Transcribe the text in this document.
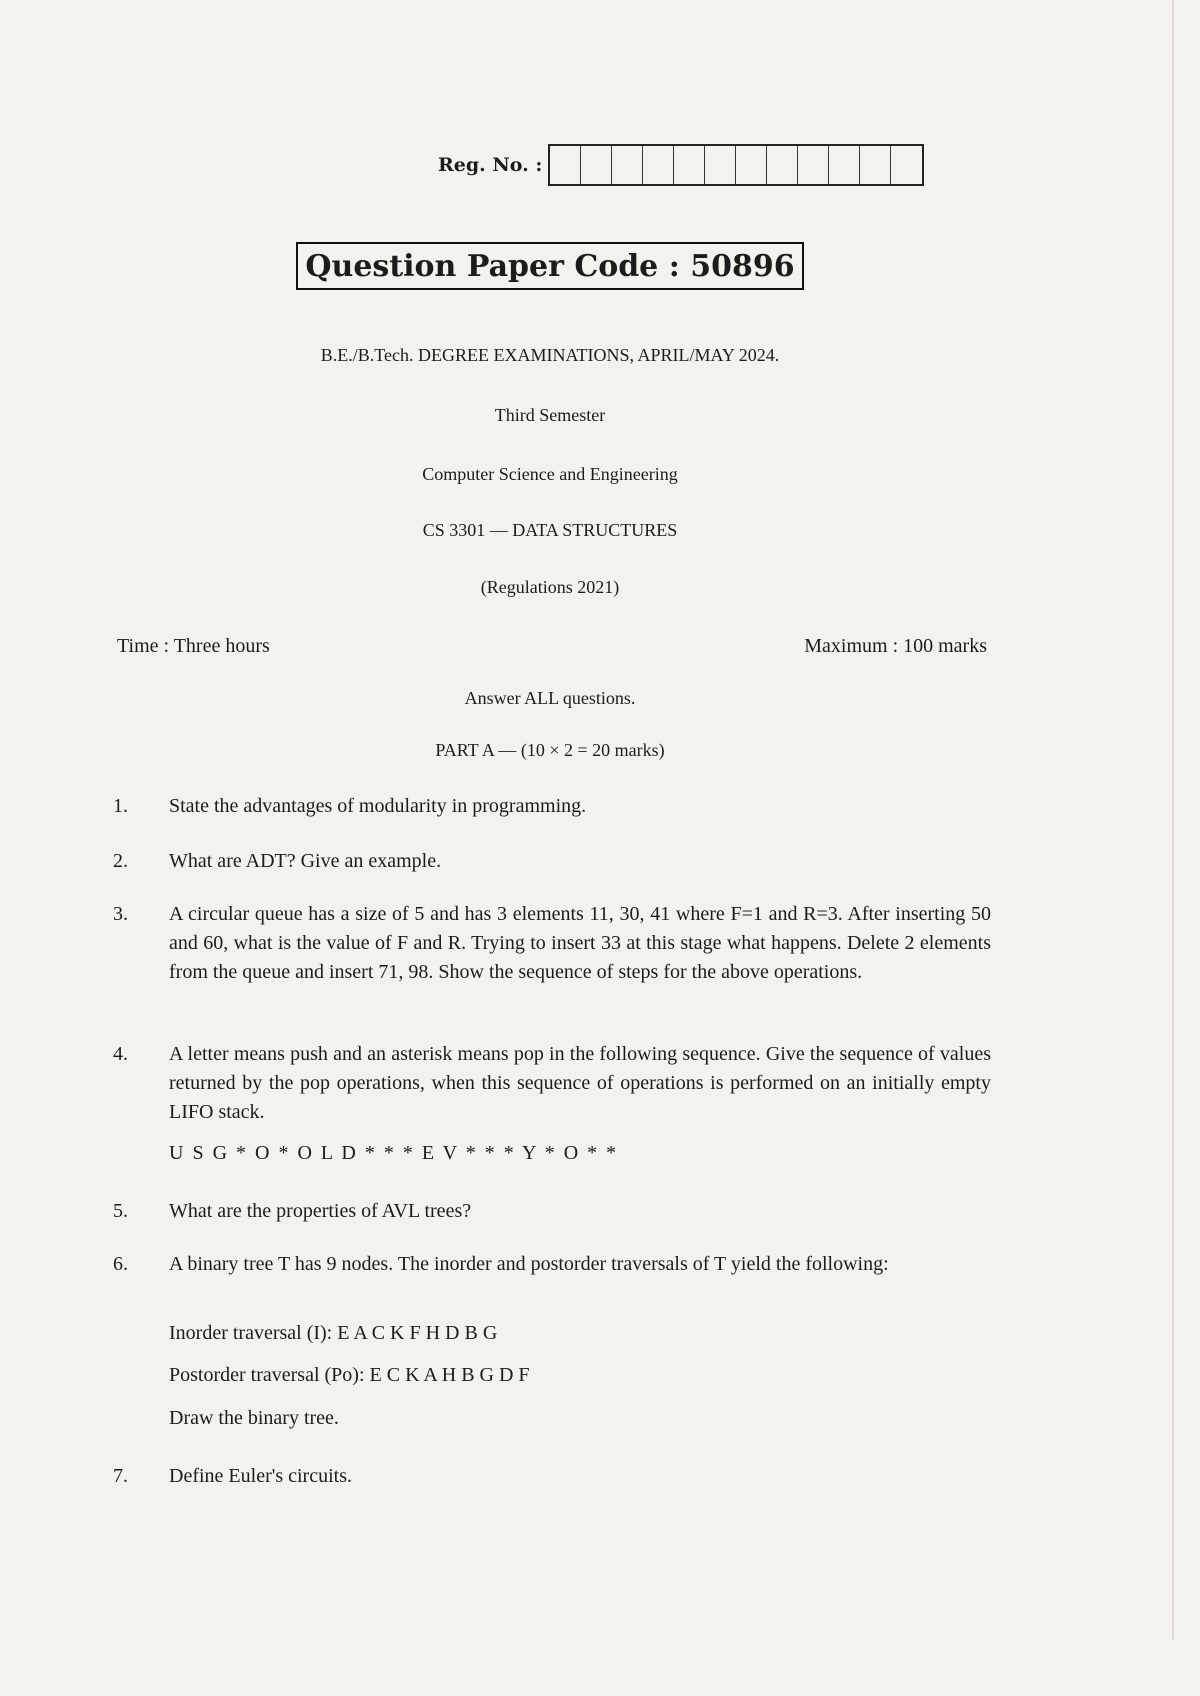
Reg. No. :
Question Paper Code : 50896
B.E./B.Tech. DEGREE EXAMINATIONS, APRIL/MAY 2024.
Third Semester
Computer Science and Engineering
CS 3301 — DATA STRUCTURES
(Regulations 2021)
Time : Three hours	Maximum : 100 marks
Answer ALL questions.
PART A — (10 × 2 = 20 marks)
1. State the advantages of modularity in programming.
2. What are ADT? Give an example.
3. A circular queue has a size of 5 and has 3 elements 11, 30, 41 where F=1 and R=3. After inserting 50 and 60, what is the value of F and R. Trying to insert 33 at this stage what happens. Delete 2 elements from the queue and insert 71, 98. Show the sequence of steps for the above operations.
4. A letter means push and an asterisk means pop in the following sequence. Give the sequence of values returned by the pop operations, when this sequence of operations is performed on an initially empty LIFO stack.
U S G * O * O L D * * * E V * * * Y * O * *
5. What are the properties of AVL trees?
6. A binary tree T has 9 nodes. The inorder and postorder traversals of T yield the following:
Inorder traversal (I): E A C K F H D B G
Postorder traversal (Po): E C K A H B G D F
Draw the binary tree.
7. Define Euler's circuits.
